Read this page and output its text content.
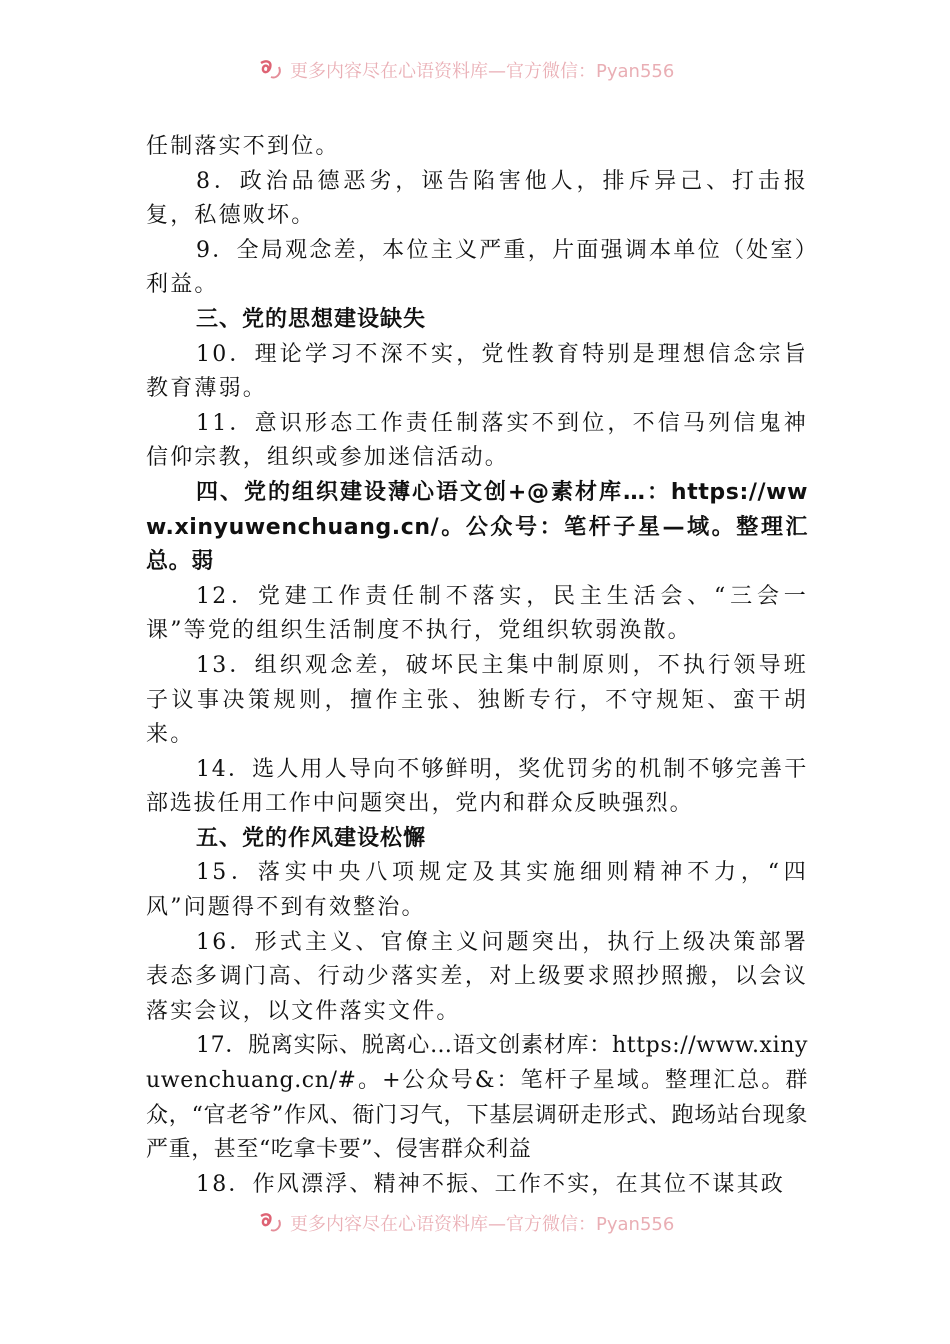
更多内容尽在心语资料库—官方微信：Pyan556

任制落实不到位。

8．政治品德恶劣，诬告陷害他人，排斥异己、打击报复，私德败坏。

9．全局观念差，本位主义严重，片面强调本单位（处室）利益。

三、党的思想建设缺失

10．理论学习不深不实，党性教育特别是理想信念宗旨教育薄弱。

11．意识形态工作责任制落实不到位，不信马列信鬼神信仰宗教，组织或参加迷信活动。

四、党的组织建设薄心语文创+@素材库…：https://www.xinyuwenchuang.cn/。公众号：笔杆子星—域。整理汇总。弱

12．党建工作责任制不落实，民主生活会、“三会一课”等党的组织生活制度不执行，党组织软弱涣散。

13．组织观念差，破坏民主集中制原则，不执行领导班子议事决策规则，擅作主张、独断专行，不守规矩、蛮干胡来。

14．选人用人导向不够鲜明，奖优罚劣的机制不够完善干部选拔任用工作中问题突出，党内和群众反映强烈。

五、党的作风建设松懈

15．落实中央八项规定及其实施细则精神不力，“四风”问题得不到有效整治。

16．形式主义、官僚主义问题突出，执行上级决策部署表态多调门高、行动少落实差，对上级要求照抄照搬，以会议落实会议，以文件落实文件。

17．脱离实际、脱离心…语文创素材库：https://www.xinyuwenchuang.cn/#。+公众号&：笔杆子星域。整理汇总。群众，“官老爷”作风、衙门习气，下基层调研走形式、跑场站台现象严重，甚至“吃拿卡要”、侵害群众利益

18．作风漂浮、精神不振、工作不实，在其位不谋其政

更多内容尽在心语资料库—官方微信：Pyan556
